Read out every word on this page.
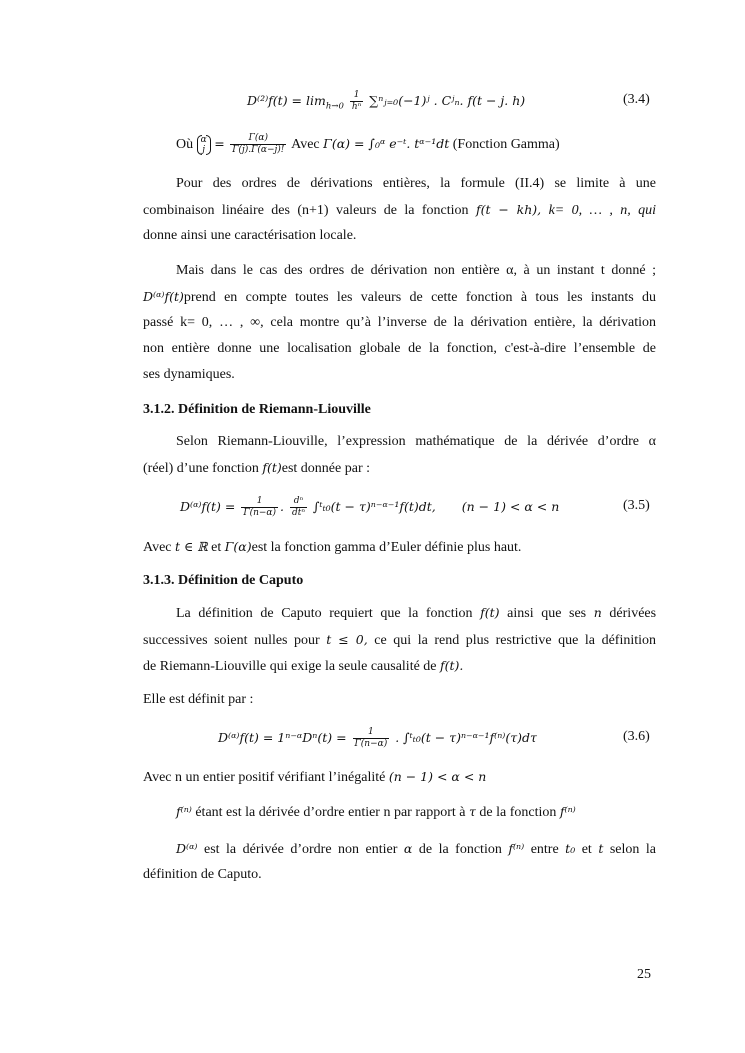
$D^{(2)}f(t) = \lim_{h\to 0} \frac{1}{\text{hⁿ}}$ ∑ⁿⱼ₌₀(−1)ʲ . Cʲₙ. f(t − j. h)	(3.4)
Où α
$j = \frac{\Gamma(\alpha)}{\Gamma(j).\Gamma(\alpha-j)!}$ Avec Γ(α) = ∫₀ᵅ e⁻ᵗ. tᵅ⁻¹dt (Fonction Gamma)
Pour des ordres de dérivations entières, la formule (II.4) se limite à une
combinaison linéaire des (n+1) valeurs de la fonction f(t − kh), k= 0, … , n, qui
donne ainsi une caractérisation locale.
Mais dans le cas des ordres de dérivation non entière α, à un instant t donné ;
D⁽ᵅ⁾f(t)prend en compte toutes les valeurs de cette fonction à tous les instants du
passé k= 0, … , ∞, cela montre qu’à l’inverse de la dérivation entière, la dérivation
non entière donne une localisation globale de la fonction, c'est-à-dire l’ensemble de
ses dynamiques.
3.1.2. Définition de Riemann-Liouville
Selon Riemann-Liouville, l’expression mathématique de la dérivée d’ordre α
(réel) d’une fonction f(t)est donnée par :
D⁽ᵅ⁾f(t) = $\frac{1}{\Gamma(n-\alpha)}$ . $\frac{\text{dⁿ}}{\text{dtⁿ}}$ ∫ᵗₜ₀(t − τ)ⁿ⁻ᵅ⁻¹f(t)dt, (n − 1) < α < n	(3.5)
Avec t ∈ ℝ et Γ(α)est la fonction gamma d’Euler définie plus haut.
3.1.3. Définition de Caputo
La définition de Caputo requiert que la fonction f(t) ainsi que ses n dérivées
successives soient nulles pour t ≤ 0, ce qui la rend plus restrictive que la définition
de Riemann-Liouville qui exige la seule causalité de f(t).
Elle est définit par :
D⁽ᵅ⁾f(t) = 1ⁿ⁻ᵅDⁿ(t) = $\frac{1}{\Gamma(n-\alpha)}$ . ∫ᵗₜ₀(t − τ)ⁿ⁻ᵅ⁻¹f⁽ⁿ⁾(τ)dτ	(3.6)
Avec n un entier positif vérifiant l’inégalité (n − 1) < α < n
f⁽ⁿ⁾ étant est la dérivée d’ordre entier n par rapport à τ de la fonction f⁽ⁿ⁾
D⁽ᵅ⁾ est la dérivée d’ordre non entier α de la fonction f⁽ⁿ⁾ entre t₀ et t selon la
définition de Caputo.
25
